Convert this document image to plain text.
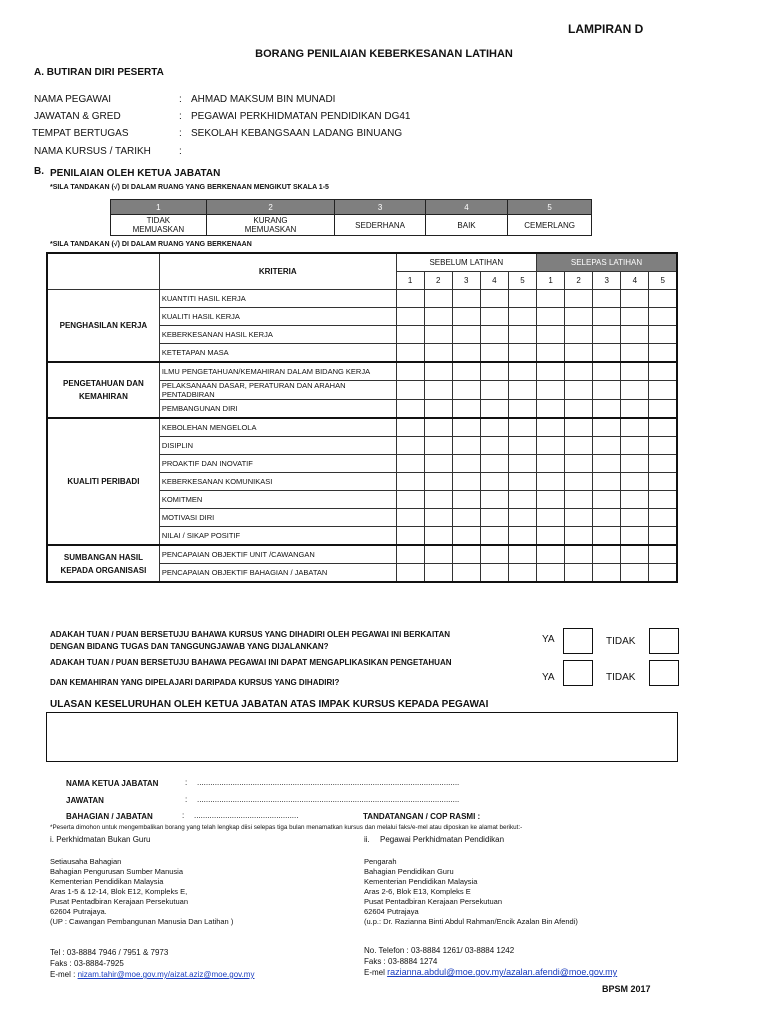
LAMPIRAN D
BORANG PENILAIAN KEBERKESANAN LATIHAN
A. BUTIRAN DIRI PESERTA
NAMA PEGAWAI	: AHMAD MAKSUM BIN MUNADI
JAWATAN & GRED	: PEGAWAI PERKHIDMATAN PENDIDIKAN DG41
TEMPAT BERTUGAS	: SEKOLAH KEBANGSAAN LADANG BINUANG
NAMA KURSUS / TARIKH	:
B. PENILAIAN OLEH KETUA JABATAN
*SILA TANDAKAN (√) DI DALAM RUANG YANG BERKENAAN MENGIKUT SKALA 1-5
1	2	3	4	5
TIDAK MEMUASKAN	KURANG MEMUASKAN	SEDERHANA	BAIK	CEMERLANG
*SILA TANDAKAN (√) DI DALAM RUANG YANG BERKENAAN
	KRITERIA	SEBELUM LATIHAN					SELEPAS LATIHAN				
		1	2	3	4	5	1	2	3	4	5
PENGHASILAN KERJA	KUANTITI HASIL KERJA										
	KUALITI HASIL KERJA										
	KEBERKESANAN HASIL KERJA										
	KETETAPAN MASA										
PENGETAHUAN DAN KEMAHIRAN	ILMU PENGETAHUAN/KEMAHIRAN DALAM BIDANG KERJA										
	PELAKSANAAN DASAR, PERATURAN DAN ARAHAN PENTADBIRAN										
	PEMBANGUNAN DIRI										
KUALITI PERIBADI	KEBOLEHAN MENGELOLA										
	DISIPLIN										
	PROAKTIF DAN INOVATIF										
	KEBERKESANAN KOMUNIKASI										
	KOMITMEN										
	MOTIVASI DIRI										
	NILAI / SIKAP POSITIF										
SUMBANGAN HASIL KEPADA ORGANISASI	PENCAPAIAN OBJEKTIF UNIT /CAWANGAN										
	PENCAPAIAN OBJEKTIF BAHAGIAN / JABATAN										
ADAKAH TUAN / PUAN BERSETUJU BAHAWA KURSUS YANG DIHADIRI OLEH PEGAWAI INI BERKAITAN
DENGAN BIDANG TUGAS DAN TANGGUNGJAWAB YANG DIJALANKAN?
YA	TIDAK
ADAKAH TUAN / PUAN BERSETUJU BAHAWA PEGAWAI INI DAPAT MENGAPLIKASIKAN PENGETAHUAN
DAN KEMAHIRAN YANG DIPELAJARI DARIPADA KURSUS YANG DIHADIRI?	YA	TIDAK
ULASAN KESELURUHAN OLEH KETUA JABATAN ATAS IMPAK KURSUS KEPADA PEGAWAI
NAMA KETUA JABATAN	: ......................................................................................................................
JAWATAN	: ......................................................................................................................
BAHAGIAN / JABATAN	: ...............................................	TANDATANGAN / COP RASMI :
*Peserta dimohon untuk mengembalikan borang yang telah lengkap diisi selepas tiga bulan menamatkan kursus dan melalui faks/e-mel atau diposkan ke alamat berikut:-
i. Perkhidmatan Bukan Guru	ii. Pegawai Perkhidmatan Pendidikan
Setiausaha Bahagian
Bahagian Pengurusan Sumber Manusia
Kementerian Pendidikan Malaysia
Aras 1-5 & 12-14, Blok E12, Kompleks E,
Pusat Pentadbiran Kerajaan Persekutuan
62604 Putrajaya.
(UP : Cawangan Pembangunan Manusia Dan Latihan )
Pengarah
Bahagian Pendidikan Guru
Kementerian Pendidikan Malaysia
Aras 2-6, Blok E13, Kompleks E
Pusat Pentadbiran Kerajaan Persekutuan
62604 Putrajaya
(u.p.: Dr. Razianna Binti Abdul Rahman/Encik Azalan Bin Afendi)
Tel : 03-8884 7946 / 7951 & 7973
Faks : 03-8884-7925
E-mel : nizam.tahir@moe.gov.my/aizat.aziz@moe.gov.my
No. Telefon : 03-8884 1261/ 03-8884 1242
Faks : 03-8884 1274
E-mel razianna.abdul@moe.gov.my/azalan.afendi@moe.gov.my
BPSM 2017
